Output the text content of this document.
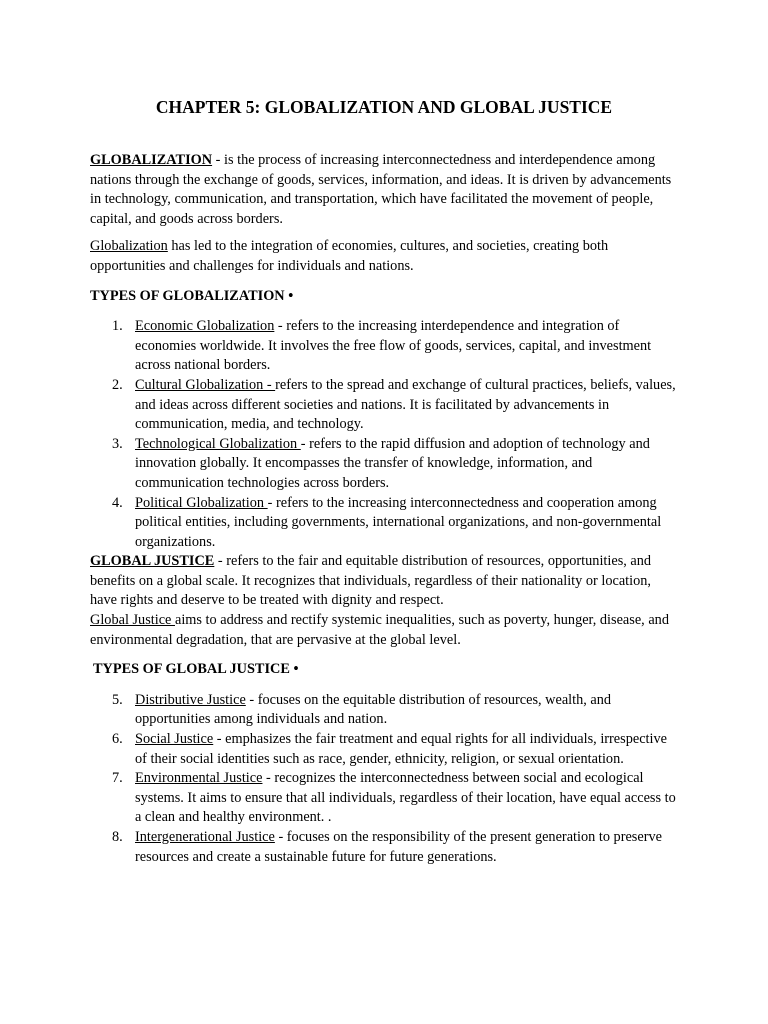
CHAPTER 5: GLOBALIZATION AND GLOBAL JUSTICE

GLOBALIZATION - is the process of increasing interconnectedness and interdependence among nations through the exchange of goods, services, information, and ideas. It is driven by advancements in technology, communication, and transportation, which have facilitated the movement of people, capital, and goods across borders.

Globalization has led to the integration of economies, cultures, and societies, creating both opportunities and challenges for individuals and nations.

TYPES OF GLOBALIZATION •

1. Economic Globalization - refers to the increasing interdependence and integration of economies worldwide. It involves the free flow of goods, services, capital, and investment across national borders.
2. Cultural Globalization - refers to the spread and exchange of cultural practices, beliefs, values, and ideas across different societies and nations. It is facilitated by advancements in communication, media, and technology.
3. Technological Globalization - refers to the rapid diffusion and adoption of technology and innovation globally. It encompasses the transfer of knowledge, information, and communication technologies across borders.
4. Political Globalization - refers to the increasing interconnectedness and cooperation among political entities, including governments, international organizations, and non-governmental organizations.

GLOBAL JUSTICE - refers to the fair and equitable distribution of resources, opportunities, and benefits on a global scale. It recognizes that individuals, regardless of their nationality or location, have rights and deserve to be treated with dignity and respect.

Global Justice aims to address and rectify systemic inequalities, such as poverty, hunger, disease, and environmental degradation, that are pervasive at the global level.

TYPES OF GLOBAL JUSTICE •

5. Distributive Justice - focuses on the equitable distribution of resources, wealth, and opportunities among individuals and nation.
6. Social Justice - emphasizes the fair treatment and equal rights for all individuals, irrespective of their social identities such as race, gender, ethnicity, religion, or sexual orientation.
7. Environmental Justice - recognizes the interconnectedness between social and ecological systems. It aims to ensure that all individuals, regardless of their location, have equal access to a clean and healthy environment. .
8. Intergenerational Justice - focuses on the responsibility of the present generation to preserve resources and create a sustainable future for future generations.
